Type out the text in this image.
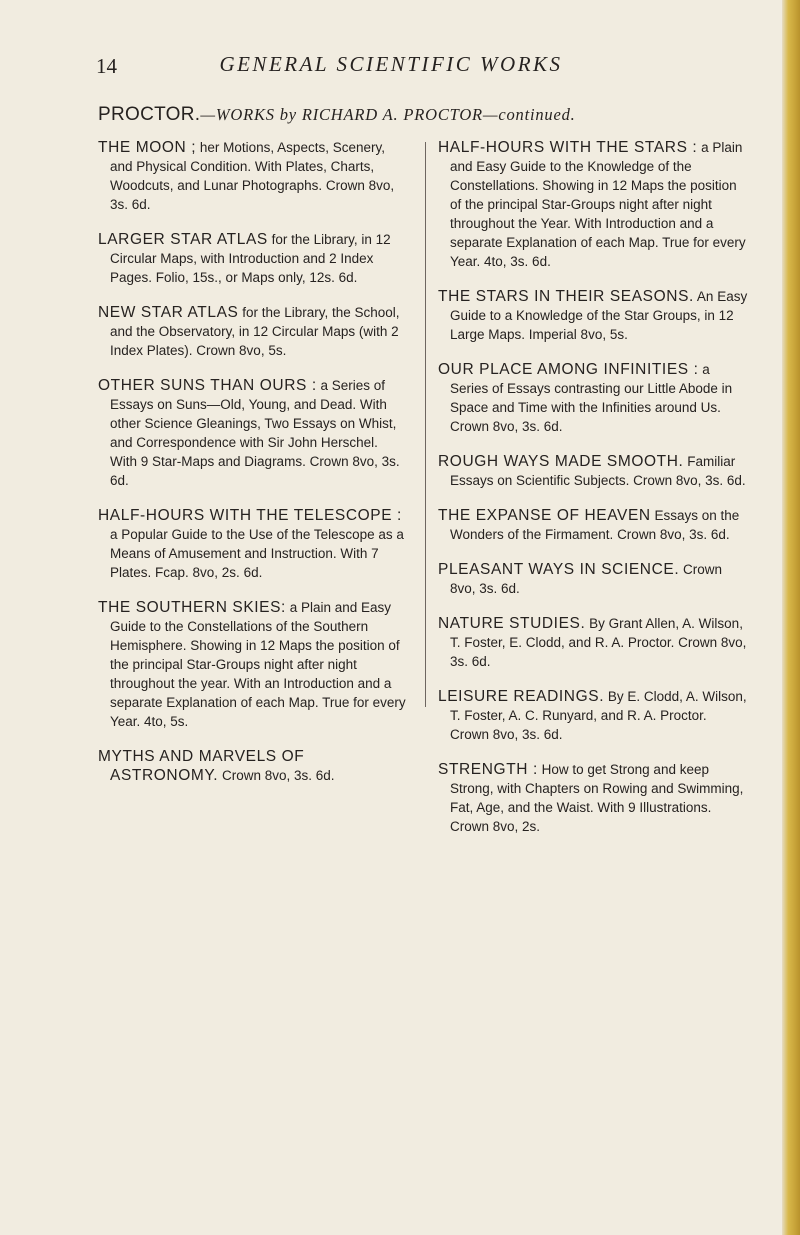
14	GENERAL SCIENTIFIC WORKS
PROCTOR.—WORKS by RICHARD A. PROCTOR—continued.

THE MOON ; her Motions, Aspects, Scenery, and Physical Condition. With Plates, Charts, Woodcuts, and Lunar Photographs. Crown 8vo, 3s. 6d.

LARGER STAR ATLAS for the Library, in 12 Circular Maps, with Introduction and 2 Index Pages. Folio, 15s., or Maps only, 12s. 6d.

NEW STAR ATLAS for the Library, the School, and the Observatory, in 12 Circular Maps (with 2 Index Plates). Crown 8vo, 5s.

OTHER SUNS THAN OURS : a Series of Essays on Suns—Old, Young, and Dead. With other Science Gleanings, Two Essays on Whist, and Correspondence with Sir John Herschel. With 9 Star-Maps and Diagrams. Crown 8vo, 3s. 6d.

HALF-HOURS WITH THE TELESCOPE : a Popular Guide to the Use of the Telescope as a Means of Amusement and Instruction. With 7 Plates. Fcap. 8vo, 2s. 6d.

THE SOUTHERN SKIES: a Plain and Easy Guide to the Constellations of the Southern Hemisphere. Showing in 12 Maps the position of the principal Star-Groups night after night throughout the year. With an Introduction and a separate Explanation of each Map. True for every Year. 4to, 5s.

MYTHS AND MARVELS OF ASTRONOMY. Crown 8vo, 3s. 6d.

HALF-HOURS WITH THE STARS : a Plain and Easy Guide to the Knowledge of the Constellations. Showing in 12 Maps the position of the principal Star-Groups night after night throughout the Year. With Introduction and a separate Explanation of each Map. True for every Year. 4to, 3s. 6d.

THE STARS IN THEIR SEASONS. An Easy Guide to a Knowledge of the Star Groups, in 12 Large Maps. Imperial 8vo, 5s.

OUR PLACE AMONG INFINITIES : a Series of Essays contrasting our Little Abode in Space and Time with the Infinities around Us. Crown 8vo, 3s. 6d.

ROUGH WAYS MADE SMOOTH. Familiar Essays on Scientific Subjects. Crown 8vo, 3s. 6d.

THE EXPANSE OF HEAVEN Essays on the Wonders of the Firmament. Crown 8vo, 3s. 6d.

PLEASANT WAYS IN SCIENCE. Crown 8vo, 3s. 6d.

NATURE STUDIES. By Grant Allen, A. Wilson, T. Foster, E. Clodd, and R. A. Proctor. Crown 8vo, 3s. 6d.

LEISURE READINGS. By E. Clodd, A. Wilson, T. Foster, A. C. Runyard, and R. A. Proctor. Crown 8vo, 3s. 6d.

STRENGTH : How to get Strong and keep Strong, with Chapters on Rowing and Swimming, Fat, Age, and the Waist. With 9 Illustrations. Crown 8vo, 2s.
